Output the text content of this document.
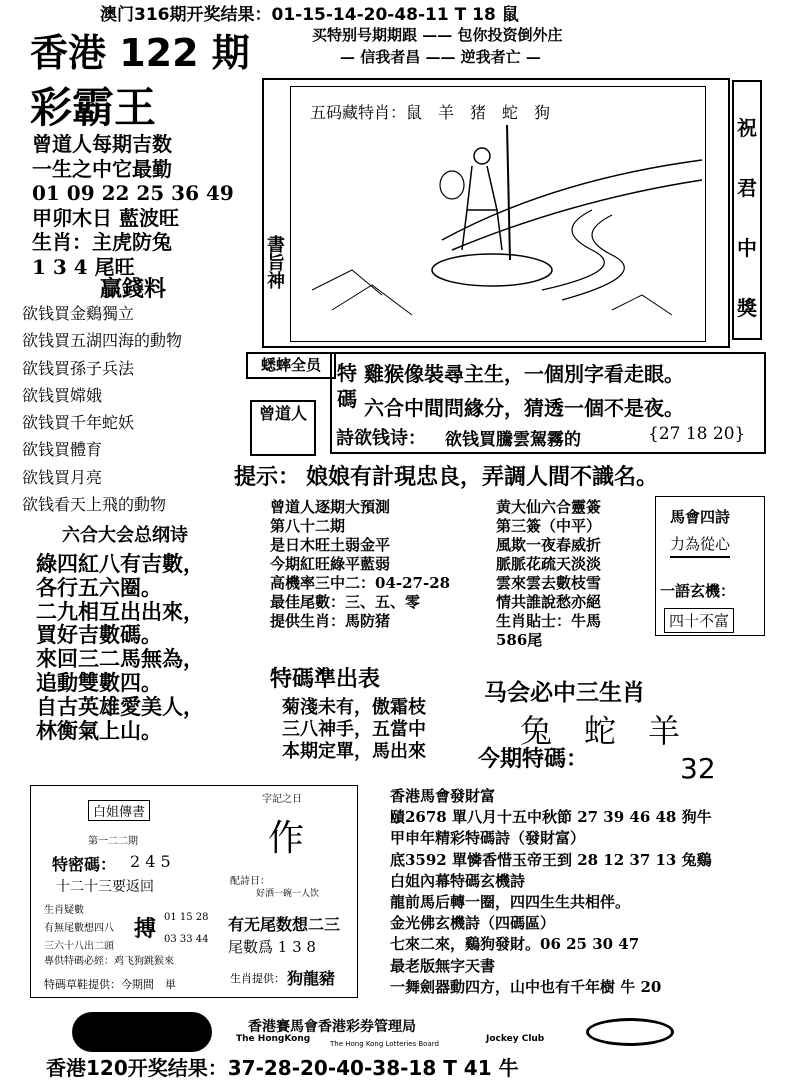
澳门316期开奖结果：01-15-14-20-48-11 T 18 鼠
香港 122 期
彩霸王
买特别号期期跟 —— 包你投资倒外庄
— 信我者昌 —— 逆我者亡 —
曾道人每期吉数
一生之中它最勤
01 09 22 25 36 49
甲卯木日 藍波旺
生肖：主虎防兔
1 3 4 尾旺
贏錢料
欲钱買金鷄獨立
欲钱買五湖四海的動物
欲钱買孫子兵法
欲钱買嫦娥
欲钱買千年蛇妖
欲钱買體育
欲钱買月亮
欲钱看天上飛的動物
五码藏特肖：鼠　羊　猪　蛇　狗
書旨神
祝
君
中
獎
蟋蟀全员
曾道人
特碼
雞猴像裝尋主生，一個別字看走眼。
六合中間問緣分，猜透一個不是夜。
詩欲钱诗： 欲钱買騰雲駕霧的	{27 18 20}
提示： 娘娘有計現忠良，弄調人間不識名。
六合大会总纲诗
綠四紅八有吉數，
各行五六圈。
二九相互出出來，
買好吉數碼。
來回三二馬無為，
追動雙數四。
自古英雄愛美人，
林衡氣上山。
曾道人逐期大預測
第八十二期
是日木旺土弱金平
今期紅旺綠平藍弱
高機率三中二：04-27-28
最佳尾數：三、五、零
提供生肖：馬防猪
黄大仙六合靈簽
第三簽（中平）
風欺一夜春威折
脈脈花疏天淡淡
雲來雲去數枝雪
情共誰說愁亦絕
生肖貼士：牛馬
586尾
馬會四詩
力為從心
一語玄機：
四十不富
特碼準出表
菊淺未有，傲霜枝
三八神手，五當中
本期定單，馬出來
马会必中三生肖
兔　蛇　羊
今期特碼：	32
白姐傳書
第一二二期
特密碼： 2 4 5
十二十三要返回
生肖疑數
有無尾數想四八
三六十八出二頭
搏 01 15 28
03 33 44
專供特碼必經：鸡飞狗跳猴來
特碼草鞋提供：今期間　単
字記之日
作
配詩日：
好洒一碗一人饮
有无尾数想二三
尾數爲 1 3 8
生肖提供： 狗龍豬
香港馬會發財富
賾2678 單八月十五中秋節 27 39 46 48 狗牛
甲申年精彩特碼詩（發財富）
底3592 單憐香惜玉帝王到 28 12 37 13 兔鷄
白姐內幕特碼玄機詩
龍前馬后轉一圈，四四生生共相伴。
金光佛玄機詩（四碼區）
七來二來，鷄狗發財。06 25 30 47
最老版無字天書
一舞劍器動四方，山中也有千年樹 牛 20
香港賽馬會香港彩券管理局
The HongKong	Jockey Club
The Hong Kong Lotteries Board
香港120开奖结果：37-28-20-40-38-18 T 41 牛
